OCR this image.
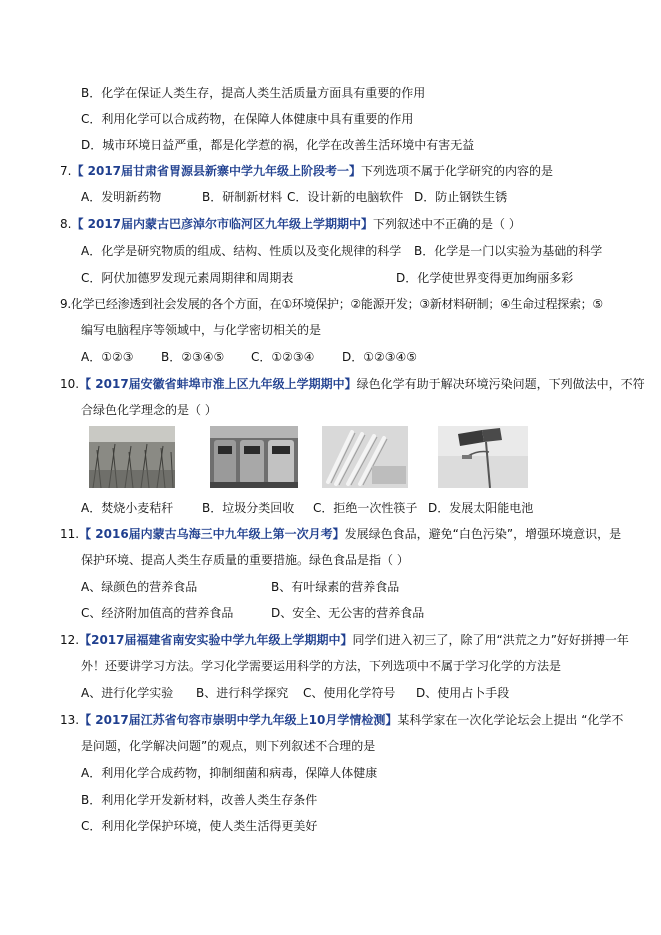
B．化学在保证人类生存，提高人类生活质量方面具有重要的作用
C．利用化学可以合成药物，在保障人体健康中具有重要的作用
D．城市环境日益严重，都是化学惹的祸，化学在改善生活环境中有害无益
7.【 2017届甘肃省胃源县新寨中学九年级上阶段考一】下列选项不属于化学研究的内容的是
A．发明新药物	B．研制新材料 C．设计新的电脑软件 D．防止钢铁生锈
8.【 2017届内蒙古巴彦淖尔市临河区九年级上学期期中】下列叙述中不正确的是（ ）
A．化学是研究物质的组成、结构、性质以及变化规律的科学 B．化学是一门以实验为基础的科学
C．阿伏加德罗发现元素周期律和周期表	D．化学使世界变得更加绚丽多彩
9.化学已经渗透到社会发展的各个方面，在①环境保护；②能源开发；③新材料研制；④生命过程探索；⑤
编写电脑程序等领域中，与化学密切相关的是
A．①②③ B．②③④⑤ C．①②③④ D．①②③④⑤
10.【 2017届安徽省蚌埠市淮上区九年级上学期期中】绿色化学有助于解决环境污染问题，下列做法中，不符
合绿色化学理念的是（ ）
A．焚烧小麦秸秆 B．垃圾分类回收 C．拒绝一次性筷子 D．发展太阳能电池
11.【 2016届内蒙古乌海三中九年级上第一次月考】发展绿色食品，避免“白色污染”，增强环境意识，是
保护环境、提高人类生存质量的重要措施。绿色食品是指（ ）
A、绿颜色的营养食品	B、有叶绿素的营养食品
C、经济附加值高的营养食品	D、安全、无公害的营养食品
12.【2017届福建省南安实验中学九年级上学期期中】同学们进入初三了，除了用“洪荒之力”好好拼搏一年
外！还要讲学习方法。学习化学需要运用科学的方法，下列选项中不属于学习化学的方法是
A、进行化学实验 B、进行科学探究 C、使用化学符号 D、使用占卜手段
13.【 2017届江苏省句容市崇明中学九年级上10月学情检测】某科学家在一次化学论坛会上提出 “化学不
是问题，化学解决问题”的观点，则下列叙述不合理的是
A．利用化学合成药物，抑制细菌和病毒，保障人体健康
B．利用化学开发新材料，改善人类生存条件
C．利用化学保护环境，使人类生活得更美好
